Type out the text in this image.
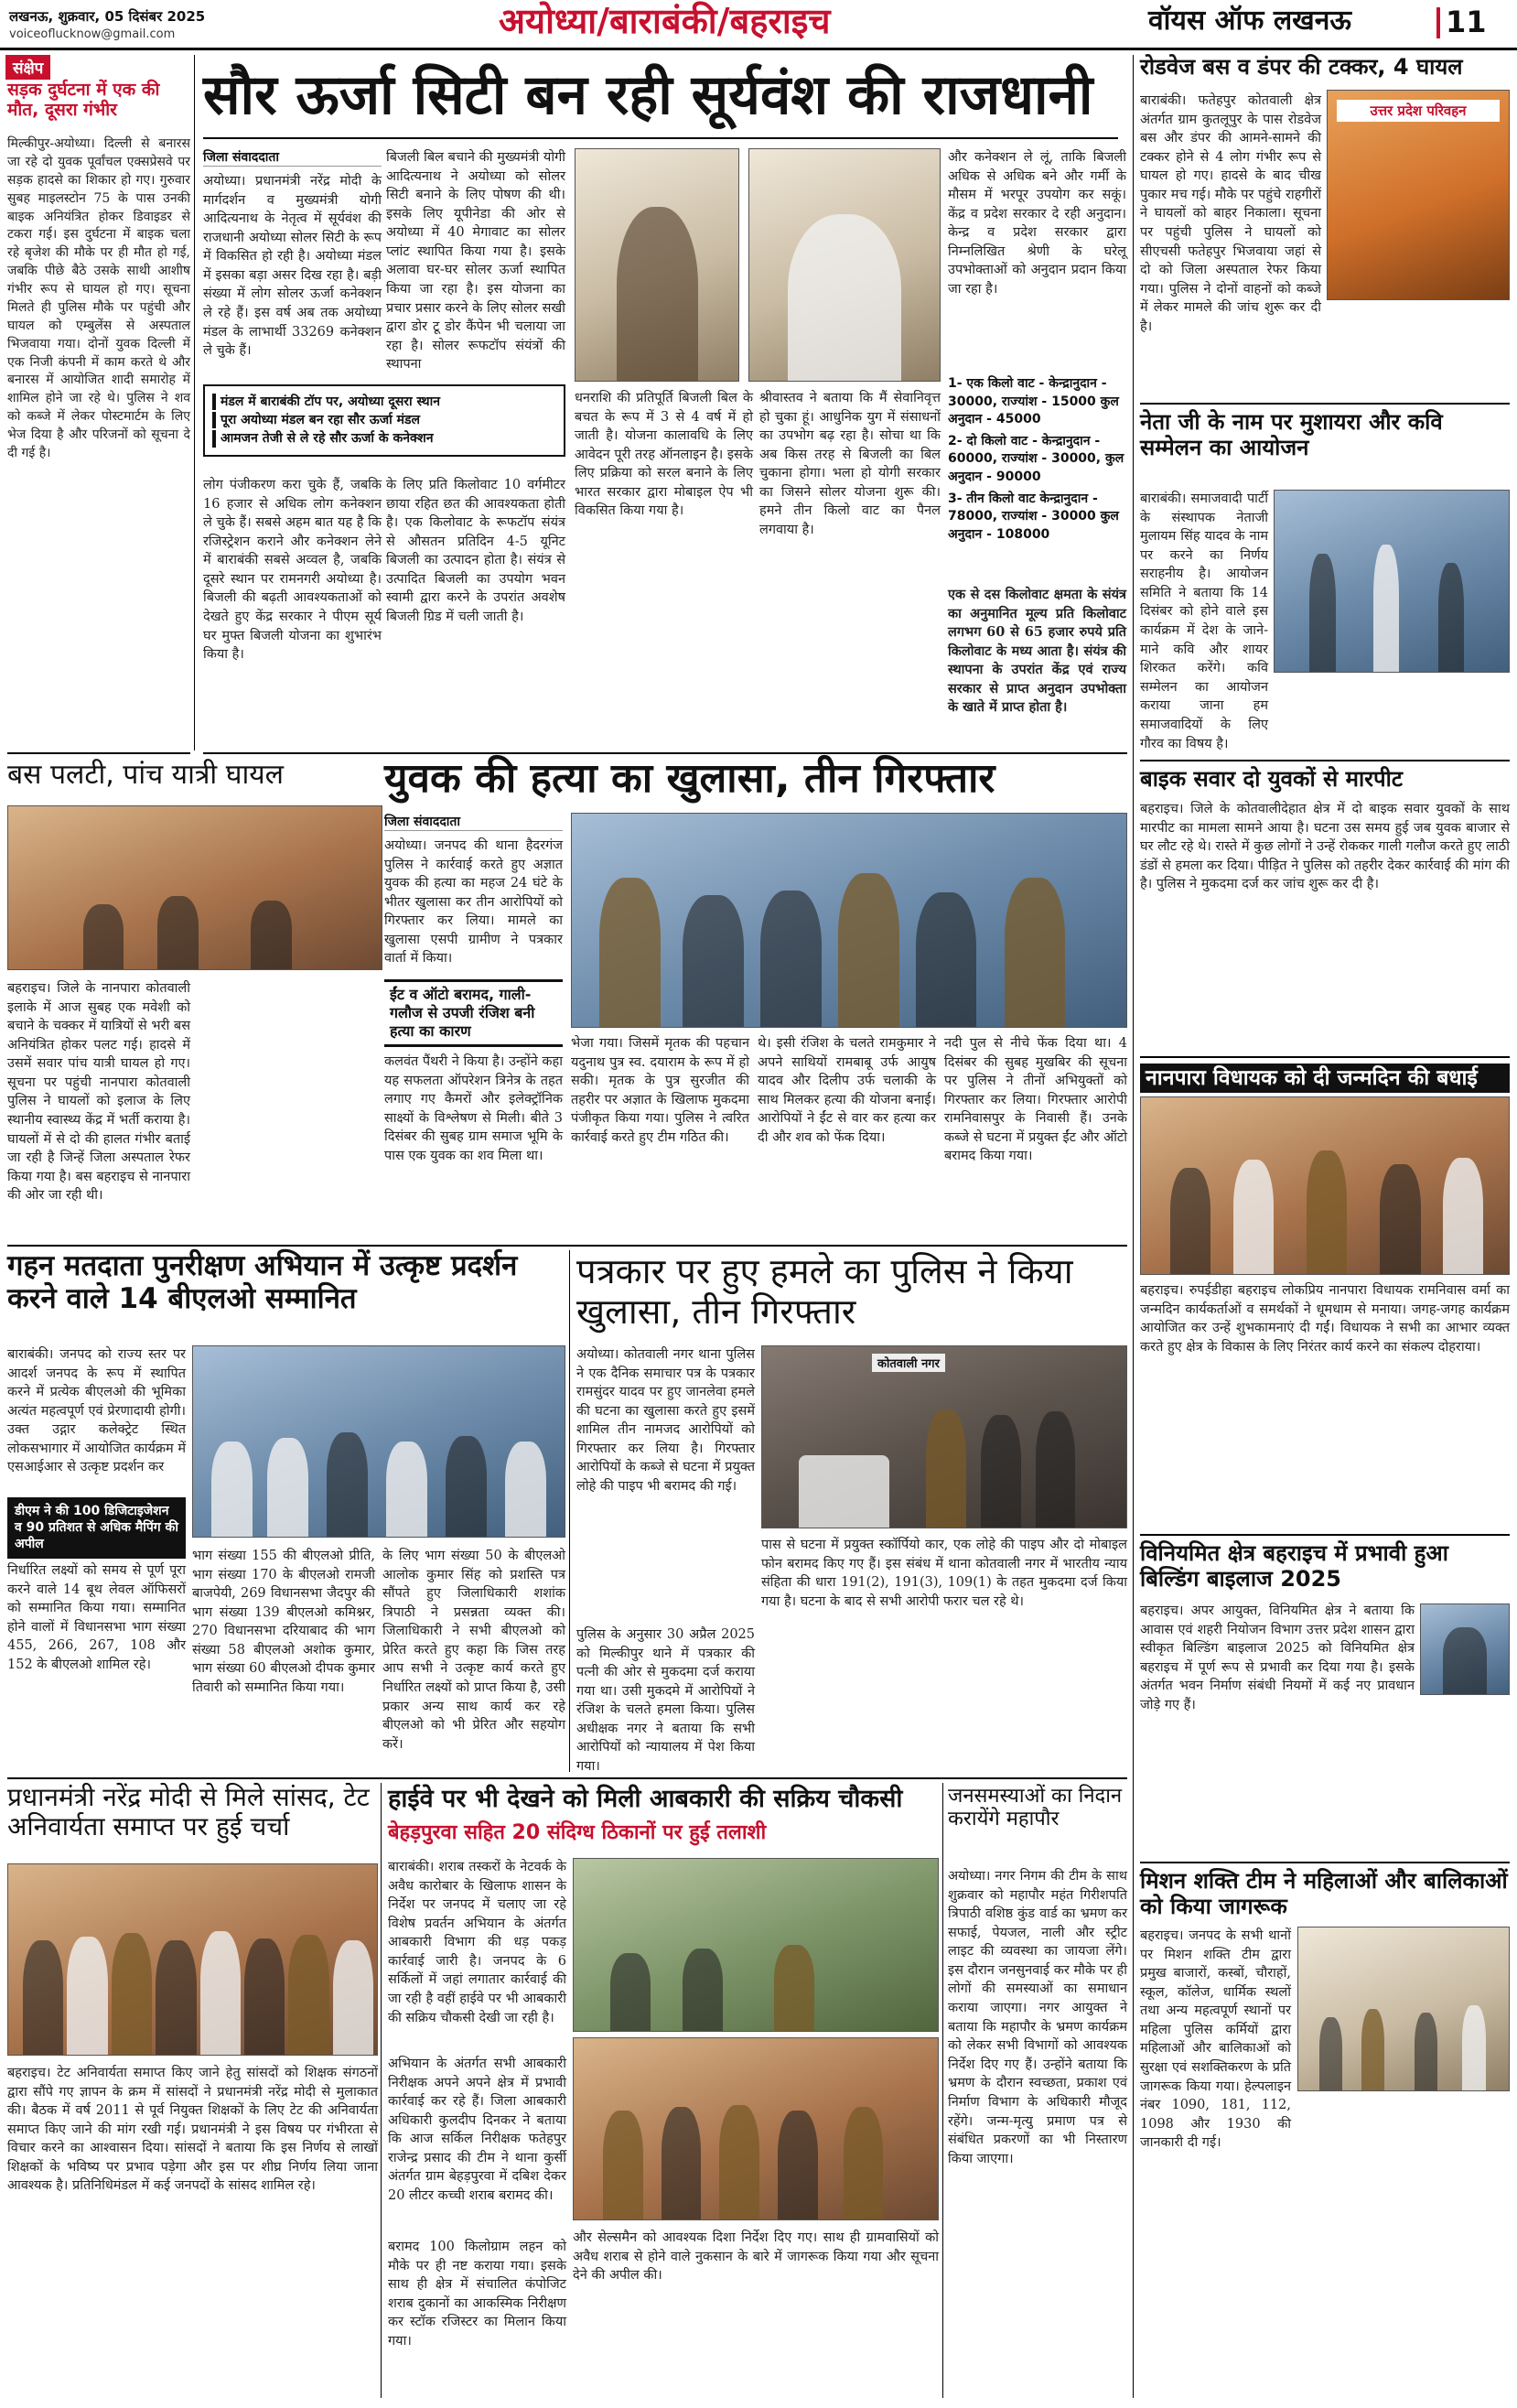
लखनऊ, शुक्रवार, 05 दिसंबर 2025
voiceoflucknow@gmail.com	अयोध्या/बाराबंकी/बहराइच	वॉयस ऑफ लखनऊ	11
संक्षेप
सड़क दुर्घटना में एक की मौत, दूसरा गंभीर
मिल्कीपुर-अयोध्या। दिल्ली से बनारस जा रहे दो युवक पूर्वांचल एक्सप्रेसवे पर सड़क हादसे का शिकार हो गए। गुरुवार सुबह माइलस्टोन 75 के पास उनकी बाइक अनियंत्रित होकर डिवाइडर से टकरा गई। इस दुर्घटना में बाइक चला रहे बृजेश की मौके पर ही मौत हो गई, जबकि पीछे बैठे उसके साथी आशीष गंभीर रूप से घायल हो गए। सूचना मिलते ही पुलिस मौके पर पहुंची और घायल को एम्बुलेंस से अस्पताल भिजवाया गया। दोनों युवक दिल्ली में एक निजी कंपनी में काम करते थे और बनारस में आयोजित शादी समारोह में शामिल होने जा रहे थे। पुलिस ने शव को कब्जे में लेकर पोस्टमार्टम के लिए भेज दिया है और परिजनों को सूचना दे दी गई है।
बस पलटी, पांच यात्री घायल
बहराइच। जिले के नानपारा कोतवाली इलाके में आज सुबह एक मवेशी को बचाने के चक्कर में यात्रियों से भरी बस अनियंत्रित होकर पलट गई। हादसे में उसमें सवार पांच यात्री घायल हो गए। सूचना पर पहुंची नानपारा कोतवाली पुलिस ने घायलों को इलाज के लिए स्थानीय स्वास्थ्य केंद्र में भर्ती कराया है। घायलों में से दो की हालत गंभीर बताई जा रही है जिन्हें जिला अस्पताल रेफर किया गया है। बस बहराइच से नानपारा की ओर जा रही थी।
सौर ऊर्जा सिटी बन रही सूर्यवंश की राजधानी
जिला संवाददाता
अयोध्या। प्रधानमंत्री नरेंद्र मोदी के मार्गदर्शन व मुख्यमंत्री योगी आदित्यनाथ के नेतृत्व में सूर्यवंश की राजधानी अयोध्या सोलर सिटी के रूप में विकसित हो रही है। अयोध्या मंडल में इसका बड़ा असर दिख रहा है। बड़ी संख्या में लोग सोलर ऊर्जा कनेक्शन ले रहे हैं। इस वर्ष अब तक अयोध्या मंडल के लाभार्थी 33269 कनेक्शन ले चुके हैं।
बिजली बिल बचाने की मुख्यमंत्री योगी आदित्यनाथ ने अयोध्या को सोलर सिटी बनाने के लिए पोषण की थी। इसके लिए यूपीनेडा की ओर से अयोध्या में 40 मेगावाट का सोलर प्लांट स्थापित किया गया है। इसके अलावा घर-घर सोलर ऊर्जा स्थापित किया जा रहा है। इस योजना का प्रचार प्रसार करने के लिए सोलर सखी द्वारा डोर टू डोर कैंपेन भी चलाया जा रहा है। सोलर रूफटॉप संयंत्रों की स्थापना
मंडल में बाराबंकी टॉप पर, अयोध्या दूसरा स्थान
पूरा अयोध्या मंडल बन रहा सौर ऊर्जा मंडल
आमजन तेजी से ले रहे सौर ऊर्जा के कनेक्शन
लोग पंजीकरण करा चुके हैं, जबकि 16 हजार से अधिक लोग कनेक्शन ले चुके हैं। सबसे अहम बात यह है कि रजिस्ट्रेशन कराने और कनेक्शन लेने में बाराबंकी सबसे अव्वल है, जबकि दूसरे स्थान पर रामनगरी अयोध्या है। बिजली की बढ़ती आवश्यकताओं को देखते हुए केंद्र सरकार ने पीएम सूर्य घर मुफ्त बिजली योजना का शुभारंभ किया है।
के लिए प्रति किलोवाट 10 वर्गमीटर छाया रहित छत की आवश्यकता होती है। एक किलोवाट के रूफटॉप संयंत्र से औसतन प्रतिदिन 4-5 यूनिट बिजली का उत्पादन होता है। संयंत्र से उत्पादित बिजली का उपयोग भवन स्वामी द्वारा करने के उपरांत अवशेष बिजली ग्रिड में चली जाती है।
धनराशि की प्रतिपूर्ति बिजली बिल के बचत के रूप में 3 से 4 वर्ष में हो जाती है। योजना कालावधि के लिए आवेदन पूरी तरह ऑनलाइन है। इसके लिए प्रक्रिया को सरल बनाने के लिए भारत सरकार द्वारा मोबाइल ऐप भी विकसित किया गया है।
श्रीवास्तव ने बताया कि मैं सेवानिवृत्त हो चुका हूं। आधुनिक युग में संसाधनों का उपभोग बढ़ रहा है। सोचा था कि अब किस तरह से बिजली का बिल चुकाना होगा। भला हो योगी सरकार का जिसने सोलर योजना शुरू की। हमने तीन किलो वाट का पैनल लगवाया है।
और कनेक्शन ले लूं, ताकि बिजली अधिक से अधिक बने और गर्मी के मौसम में भरपूर उपयोग कर सकूं। केंद्र व प्रदेश सरकार दे रही अनुदान। केन्द्र व प्रदेश सरकार द्वारा निम्नलिखित श्रेणी के घरेलू उपभोक्ताओं को अनुदान प्रदान किया जा रहा है।
1- एक किलो वाट - केन्द्रानुदान - 30000, राज्यांश - 15000 कुल अनुदान - 45000
2- दो किलो वाट - केन्द्रानुदान - 60000, राज्यांश - 30000, कुल अनुदान - 90000
3- तीन किलो वाट केन्द्रानुदान - 78000, राज्यांश - 30000 कुल अनुदान - 108000
एक से दस किलोवाट क्षमता के संयंत्र का अनुमानित मूल्य प्रति किलोवाट लगभग 60 से 65 हजार रुपये प्रति किलोवाट के मध्य आता है। संयंत्र की स्थापना के उपरांत केंद्र एवं राज्य सरकार से प्राप्त अनुदान उपभोक्ता के खाते में प्राप्त होता है।
रोडवेज बस व डंपर की टक्कर, 4 घायल
उत्तर प्रदेश परिवहन
बाराबंकी। फतेहपुर कोतवाली क्षेत्र अंतर्गत ग्राम कुतलूपुर के पास रोडवेज बस और डंपर की आमने-सामने की टक्कर होने से 4 लोग गंभीर रूप से घायल हो गए। हादसे के बाद चीख पुकार मच गई। मौके पर पहुंचे राहगीरों ने घायलों को बाहर निकाला। सूचना पर पहुंची पुलिस ने घायलों को सीएचसी फतेहपुर भिजवाया जहां से दो को जिला अस्पताल रेफर किया गया। पुलिस ने दोनों वाहनों को कब्जे में लेकर मामले की जांच शुरू कर दी है।
नेता जी के नाम पर मुशायरा और कवि सम्मेलन का आयोजन
बाराबंकी। समाजवादी पार्टी के संस्थापक नेताजी मुलायम सिंह यादव के नाम पर करने का निर्णय सराहनीय है। आयोजन समिति ने बताया कि 14 दिसंबर को होने वाले इस कार्यक्रम में देश के जाने-माने कवि और शायर शिरकत करेंगे। कवि सम्मेलन का आयोजन कराया जाना हम समाजवादियों के लिए गौरव का विषय है।
बाइक सवार दो युवकों से मारपीट
बहराइच। जिले के कोतवालीदेहात क्षेत्र में दो बाइक सवार युवकों के साथ मारपीट का मामला सामने आया है। घटना उस समय हुई जब युवक बाजार से घर लौट रहे थे। रास्ते में कुछ लोगों ने उन्हें रोककर गाली गलौज करते हुए लाठी डंडों से हमला कर दिया। पीड़ित ने पुलिस को तहरीर देकर कार्रवाई की मांग की है। पुलिस ने मुकदमा दर्ज कर जांच शुरू कर दी है।
नानपारा विधायक को दी जन्मदिन की बधाई
बहराइच। रुपईडीहा बहराइच लोकप्रिय नानपारा विधायक रामनिवास वर्मा का जन्मदिन कार्यकर्ताओं व समर्थकों ने धूमधाम से मनाया। जगह-जगह कार्यक्रम आयोजित कर उन्हें शुभकामनाएं दी गईं। विधायक ने सभी का आभार व्यक्त करते हुए क्षेत्र के विकास के लिए निरंतर कार्य करने का संकल्प दोहराया।
विनियमित क्षेत्र बहराइच में प्रभावी हुआ बिल्डिंग बाइलाज 2025
बहराइच। अपर आयुक्त, विनियमित क्षेत्र ने बताया कि आवास एवं शहरी नियोजन विभाग उत्तर प्रदेश शासन द्वारा स्वीकृत बिल्डिंग बाइलाज 2025 को विनियमित क्षेत्र बहराइच में पूर्ण रूप से प्रभावी कर दिया गया है। इसके अंतर्गत भवन निर्माण संबंधी नियमों में कई नए प्रावधान जोड़े गए हैं।
मिशन शक्ति टीम ने महिलाओं और बालिकाओं को किया जागरूक
बहराइच। जनपद के सभी थानों पर मिशन शक्ति टीम द्वारा प्रमुख बाजारों, कस्बों, चौराहों, स्कूल, कॉलेज, धार्मिक स्थलों तथा अन्य महत्वपूर्ण स्थानों पर महिला पुलिस कर्मियों द्वारा महिलाओं और बालिकाओं को सुरक्षा एवं सशक्तिकरण के प्रति जागरूक किया गया। हेल्पलाइन नंबर 1090, 181, 112, 1098 और 1930 की जानकारी दी गई।
युवक की हत्या का खुलासा, तीन गिरफ्तार
जिला संवाददाता
अयोध्या। जनपद की थाना हैदरगंज पुलिस ने कार्रवाई करते हुए अज्ञात युवक की हत्या का महज 24 घंटे के भीतर खुलासा कर तीन आरोपियों को गिरफ्तार कर लिया। मामले का खुलासा एसपी ग्रामीण ने पत्रकार वार्ता में किया।
ईंट व ऑटो बरामद, गाली-गलौज से उपजी रंजिश बनी हत्या का कारण
कलवंत पैंथरी ने किया है। उन्होंने कहा यह सफलता ऑपरेशन त्रिनेत्र के तहत लगाए गए कैमरों और इलेक्ट्रॉनिक साक्ष्यों के विश्लेषण से मिली। बीते 3 दिसंबर की सुबह ग्राम समाज भूमि के पास एक युवक का शव मिला था।
भेजा गया। जिसमें मृतक की पहचान यदुनाथ पुत्र स्व. दयाराम के रूप में हो सकी। मृतक के पुत्र सुरजीत की तहरीर पर अज्ञात के खिलाफ मुकदमा पंजीकृत किया गया। पुलिस ने त्वरित कार्रवाई करते हुए टीम गठित की।
थे। इसी रंजिश के चलते रामकुमार ने अपने साथियों रामबाबू उर्फ आयुष यादव और दिलीप उर्फ चलाकी के साथ मिलकर हत्या की योजना बनाई। आरोपियों ने ईंट से वार कर हत्या कर दी और शव को फेंक दिया।
नदी पुल से नीचे फेंक दिया था। 4 दिसंबर की सुबह मुखबिर की सूचना पर पुलिस ने तीनों अभियुक्तों को गिरफ्तार कर लिया। गिरफ्तार आरोपी रामनिवासपुर के निवासी हैं। उनके कब्जे से घटना में प्रयुक्त ईंट और ऑटो बरामद किया गया।
गहन मतदाता पुनरीक्षण अभियान में उत्कृष्ट प्रदर्शन करने वाले 14 बीएलओ सम्मानित
बाराबंकी। जनपद को राज्य स्तर पर आदर्श जनपद के रूप में स्थापित करने में प्रत्येक बीएलओ की भूमिका अत्यंत महत्वपूर्ण एवं प्रेरणादायी होगी। उक्त उद्गार कलेक्ट्रेट स्थित लोकसभागार में आयोजित कार्यक्रम में एसआईआर से उत्कृष्ट प्रदर्शन कर
डीएम ने की 100 डिजिटाइजेशन व 90 प्रतिशत से अधिक मैपिंग की अपील
निर्धारित लक्ष्यों को समय से पूर्ण पूरा करने वाले 14 बूथ लेवल ऑफिसरों को सम्मानित किया गया। सम्मानित होने वालों में विधानसभा भाग संख्या 455, 266, 267, 108 और 152 के बीएलओ शामिल रहे।
भाग संख्या 155 की बीएलओ प्रीति, भाग संख्या 170 के बीएलओ रामजी बाजपेयी, 269 विधानसभा जैदपुर की भाग संख्या 139 बीएलओ कमिश्नर, 270 विधानसभा दरियाबाद की भाग संख्या 58 बीएलओ अशोक कुमार, भाग संख्या 60 बीएलओ दीपक कुमार तिवारी को सम्मानित किया गया।
के लिए भाग संख्या 50 के बीएलओ आलोक कुमार सिंह को प्रशस्ति पत्र सौंपते हुए जिलाधिकारी शशांक त्रिपाठी ने प्रसन्नता व्यक्त की। जिलाधिकारी ने सभी बीएलओ को प्रेरित करते हुए कहा कि जिस तरह आप सभी ने उत्कृष्ट कार्य करते हुए निर्धारित लक्ष्यों को प्राप्त किया है, उसी प्रकार अन्य साथ कार्य कर रहे बीएलओ को भी प्रेरित और सहयोग करें।
पत्रकार पर हुए हमले का पुलिस ने किया खुलासा, तीन गिरफ्तार
अयोध्या। कोतवाली नगर थाना पुलिस ने एक दैनिक समाचार पत्र के पत्रकार रामसुंदर यादव पर हुए जानलेवा हमले की घटना का खुलासा करते हुए इसमें शामिल तीन नामजद आरोपियों को गिरफ्तार कर लिया है। गिरफ्तार आरोपियों के कब्जे से घटना में प्रयुक्त लोहे की पाइप भी बरामद की गई।
कोतवाली नगर
पुलिस के अनुसार 30 अप्रैल 2025 को मिल्कीपुर थाने में पत्रकार की पत्नी की ओर से मुकदमा दर्ज कराया गया था। उसी मुकदमे में आरोपियों ने रंजिश के चलते हमला किया। पुलिस अधीक्षक नगर ने बताया कि सभी आरोपियों को न्यायालय में पेश किया गया।
पास से घटना में प्रयुक्त स्कॉर्पियो कार, एक लोहे की पाइप और दो मोबाइल फोन बरामद किए गए हैं। इस संबंध में थाना कोतवाली नगर में भारतीय न्याय संहिता की धारा 191(2), 191(3), 109(1) के तहत मुकदमा दर्ज किया गया है। घटना के बाद से सभी आरोपी फरार चल रहे थे।
प्रधानमंत्री नरेंद्र मोदी से मिले सांसद, टेट अनिवार्यता समाप्त पर हुई चर्चा
बहराइच। टेट अनिवार्यता समाप्त किए जाने हेतु सांसदों को शिक्षक संगठनों द्वारा सौंपे गए ज्ञापन के क्रम में सांसदों ने प्रधानमंत्री नरेंद्र मोदी से मुलाकात की। बैठक में वर्ष 2011 से पूर्व नियुक्त शिक्षकों के लिए टेट की अनिवार्यता समाप्त किए जाने की मांग रखी गई। प्रधानमंत्री ने इस विषय पर गंभीरता से विचार करने का आश्वासन दिया। सांसदों ने बताया कि इस निर्णय से लाखों शिक्षकों के भविष्य पर प्रभाव पड़ेगा और इस पर शीघ्र निर्णय लिया जाना आवश्यक है। प्रतिनिधिमंडल में कई जनपदों के सांसद शामिल रहे।
हाईवे पर भी देखने को मिली आबकारी की सक्रिय चौकसी
बेहड़पुरवा सहित 20 संदिग्ध ठिकानों पर हुई तलाशी
बाराबंकी। शराब तस्करों के नेटवर्क के अवैध कारोबार के खिलाफ शासन के निर्देश पर जनपद में चलाए जा रहे विशेष प्रवर्तन अभियान के अंतर्गत आबकारी विभाग की धड़ पकड़ कार्रवाई जारी है। जनपद के 6 सर्किलों में जहां लगातार कार्रवाई की जा रही है वहीं हाईवे पर भी आबकारी की सक्रिय चौकसी देखी जा रही है।
अभियान के अंतर्गत सभी आबकारी निरीक्षक अपने अपने क्षेत्र में प्रभावी कार्रवाई कर रहे हैं। जिला आबकारी अधिकारी कुलदीप दिनकर ने बताया कि आज सर्किल निरीक्षक फतेहपुर राजेन्द्र प्रसाद की टीम ने थाना कुर्सी अंतर्गत ग्राम बेहड़पुरवा में दबिश देकर 20 लीटर कच्ची शराब बरामद की।
बरामद 100 किलोग्राम लहन को मौके पर ही नष्ट कराया गया। इसके साथ ही क्षेत्र में संचालित कंपोजिट शराब दुकानों का आकस्मिक निरीक्षण कर स्टॉक रजिस्टर का मिलान किया गया।
और सेल्समैन को आवश्यक दिशा निर्देश दिए गए। साथ ही ग्रामवासियों को अवैध शराब से होने वाले नुकसान के बारे में जागरूक किया गया और सूचना देने की अपील की।
जनसमस्याओं का निदान करायेंगे महापौर
अयोध्या। नगर निगम की टीम के साथ शुक्रवार को महापौर महंत गिरीशपति त्रिपाठी वशिष्ठ कुंड वार्ड का भ्रमण कर सफाई, पेयजल, नाली और स्ट्रीट लाइट की व्यवस्था का जायजा लेंगे। इस दौरान जनसुनवाई कर मौके पर ही लोगों की समस्याओं का समाधान कराया जाएगा। नगर आयुक्त ने बताया कि महापौर के भ्रमण कार्यक्रम को लेकर सभी विभागों को आवश्यक निर्देश दिए गए हैं। उन्होंने बताया कि भ्रमण के दौरान स्वच्छता, प्रकाश एवं निर्माण विभाग के अधिकारी मौजूद रहेंगे। जन्म-मृत्यु प्रमाण पत्र से संबंधित प्रकरणों का भी निस्तारण किया जाएगा।
